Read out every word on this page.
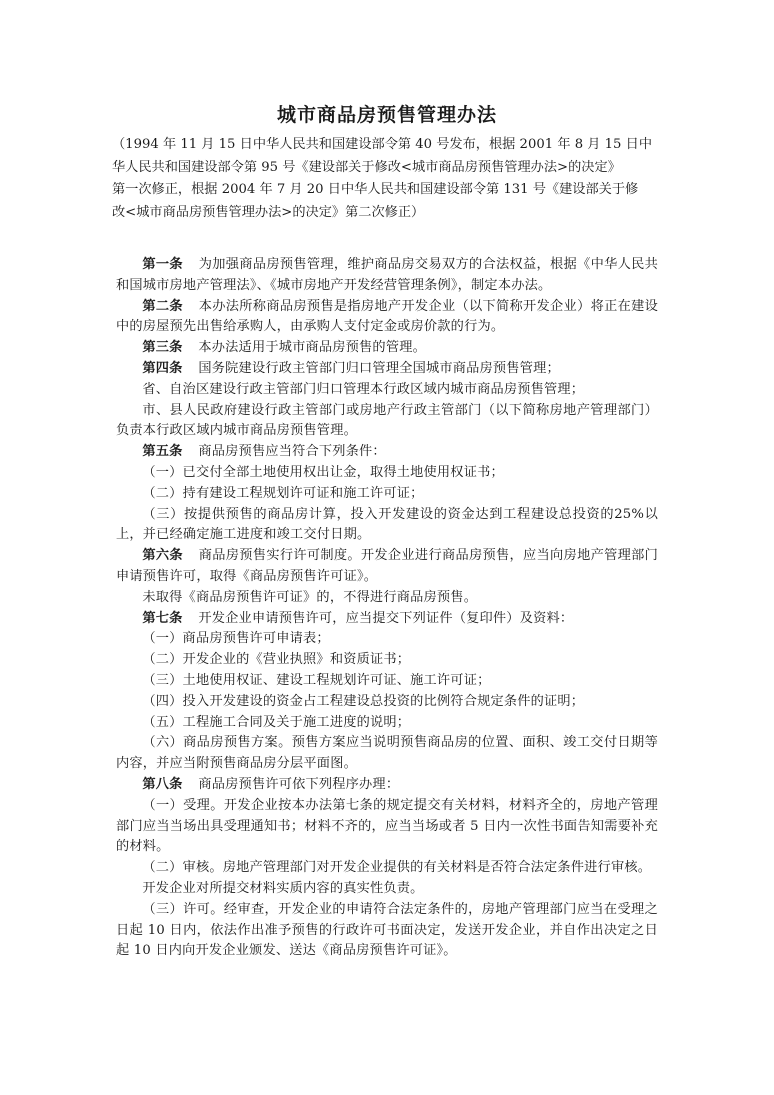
城市商品房预售管理办法
（1994 年 11 月 15 日中华人民共和国建设部令第 40 号发布，根据 2001 年 8 月 15 日中
华人民共和国建设部令第 95 号《建设部关于修改<城市商品房预售管理办法>的决定》
第一次修正，根据 2004 年 7 月 20 日中华人民共和国建设部令第 131 号《建设部关于修

改<城市商品房预售管理办法>的决定》第二次修正）

第一条 为加强商品房预售管理，维护商品房交易双方的合法权益，根据《中华人民共和国城市房地产管理法》、《城市房地产开发经营管理条例》，制定本办法。

第二条 本办法所称商品房预售是指房地产开发企业（以下简称开发企业）将正在建设中的房屋预先出售给承购人，由承购人支付定金或房价款的行为。

第三条 本办法适用于城市商品房预售的管理。

第四条 国务院建设行政主管部门归口管理全国城市商品房预售管理；

省、自治区建设行政主管部门归口管理本行政区域内城市商品房预售管理；

市、县人民政府建设行政主管部门或房地产行政主管部门（以下简称房地产管理部门）负责本行政区域内城市商品房预售管理。

第五条 商品房预售应当符合下列条件：

（一）已交付全部土地使用权出让金，取得土地使用权证书；

（二）持有建设工程规划许可证和施工许可证；

（三）按提供预售的商品房计算，投入开发建设的资金达到工程建设总投资的25%以上，并已经确定施工进度和竣工交付日期。

第六条 商品房预售实行许可制度。开发企业进行商品房预售，应当向房地产管理部门申请预售许可，取得《商品房预售许可证》。

未取得《商品房预售许可证》的，不得进行商品房预售。

第七条 开发企业申请预售许可，应当提交下列证件（复印件）及资料：

（一）商品房预售许可申请表；

（二）开发企业的《营业执照》和资质证书；

（三）土地使用权证、建设工程规划许可证、施工许可证；

（四）投入开发建设的资金占工程建设总投资的比例符合规定条件的证明；

（五）工程施工合同及关于施工进度的说明；

（六）商品房预售方案。预售方案应当说明预售商品房的位置、面积、竣工交付日期等内容，并应当附预售商品房分层平面图。

第八条 商品房预售许可依下列程序办理：

（一）受理。开发企业按本办法第七条的规定提交有关材料，材料齐全的，房地产管理部门应当当场出具受理通知书；材料不齐的，应当当场或者 5 日内一次性书面告知需要补充的材料。

（二）审核。房地产管理部门对开发企业提供的有关材料是否符合法定条件进行审核。

开发企业对所提交材料实质内容的真实性负责。

（三）许可。经审查，开发企业的申请符合法定条件的，房地产管理部门应当在受理之日起 10 日内，依法作出准予预售的行政许可书面决定，发送开发企业，并自作出决定之日起 10 日内向开发企业颁发、送达《商品房预售许可证》。
